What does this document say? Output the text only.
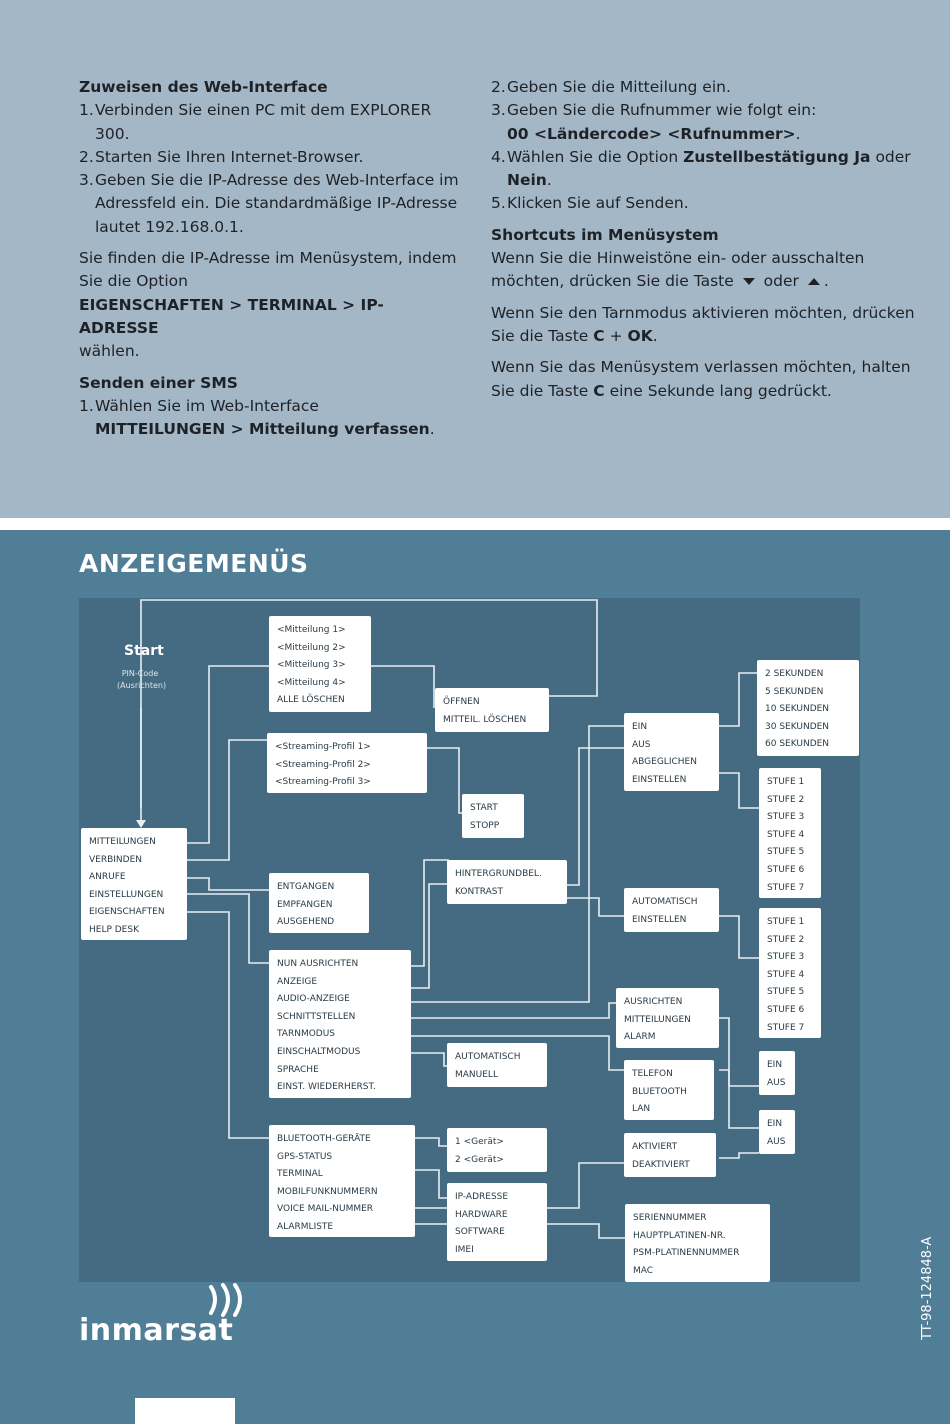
Zuweisen des Web-Interface
1. Verbinden Sie einen PC mit dem EXPLORER 300.
2. Starten Sie Ihren Internet-Browser.
3. Geben Sie die IP-Adresse des Web-Interface im Adressfeld ein. Die standardmäßige IP-Adresse lautet 192.168.0.1.

Sie finden die IP-Adresse im Menüsystem, indem Sie die Option
EIGENSCHAFTEN > TERMINAL > IP-ADRESSE
wählen.

Senden einer SMS
1. Wählen Sie im Web-Interface
MITTEILUNGEN > Mitteilung verfassen.
2. Geben Sie die Mitteilung ein.
3. Geben Sie die Rufnummer wie folgt ein:
00 <Ländercode> <Rufnummer>.
4. Wählen Sie die Option Zustellbestätigung Ja oder
Nein.
5. Klicken Sie auf Senden.
Shortcuts im Menüsystem

Wenn Sie die Hinweistöne ein- oder ausschalten möchten, drücken Sie die Taste oder .

Wenn Sie den Tarnmodus aktivieren möchten, drücken Sie die Taste C + OK.

Wenn Sie das Menüsystem verlassen möchten, halten Sie die Taste C eine Sekunde lang gedrückt.

ANZEIGEMENÜS
Start
PIN-Code
(Ausrichten)
MITTEILUNGEN
VERBINDEN
ANRUFE
EINSTELLUNGEN
EIGENSCHAFTEN
HELP DESK
<Mitteilung 1>
<Mitteilung 2>
<Mitteilung 3>
<Mitteilung 4>
ALLE LÖSCHEN	ÖFFNEN
MITTEIL. LÖSCHEN
<Streaming-Profil 1>
<Streaming-Profil 2>
<Streaming-Profil 3>
START
STOPP
ENTGANGEN
EMPFANGEN
AUSGEHEND
NUN AUSRICHTEN
ANZEIGE
AUDIO-ANZEIGE
SCHNITTSTELLEN
TARNMODUS
EINSCHALTMODUS
SPRACHE
EINST. WIEDERHERST.
HINTERGRUNDBEL.
KONTRAST
AUTOMATISCH
MANUELL
BLUETOOTH-GERÄTE
GPS-STATUS
TERMINAL
MOBILFUNKNUMMERN
VOICE MAIL-NUMMER
ALARMLISTE
1 <Gerät>
2 <Gerät>
IP-ADRESSE
HARDWARE
SOFTWARE
IMEI
EIN
AUS
ABGEGLICHEN
EINSTELLEN
2 SEKUNDEN
5 SEKUNDEN
10 SEKUNDEN
30 SEKUNDEN
60 SEKUNDEN
STUFE 1
STUFE 2
STUFE 3
STUFE 4
STUFE 5
STUFE 6
STUFE 7
AUTOMATISCH
EINSTELLEN	STUFE 1
STUFE 2
STUFE 3
STUFE 4
STUFE 5
STUFE 6
STUFE 7
AUSRICHTEN
MITTEILUNGEN
ALARM
EIN
AUS
TELEFON
BLUETOOTH
LAN
EIN
AUS
AKTIVIERT
DEAKTIVIERT
SERIENNUMMER
HAUPTPLATINEN-NR.
PSM-PLATINENNUMMER
MAC
inmarsat	TT-98-124848-A
